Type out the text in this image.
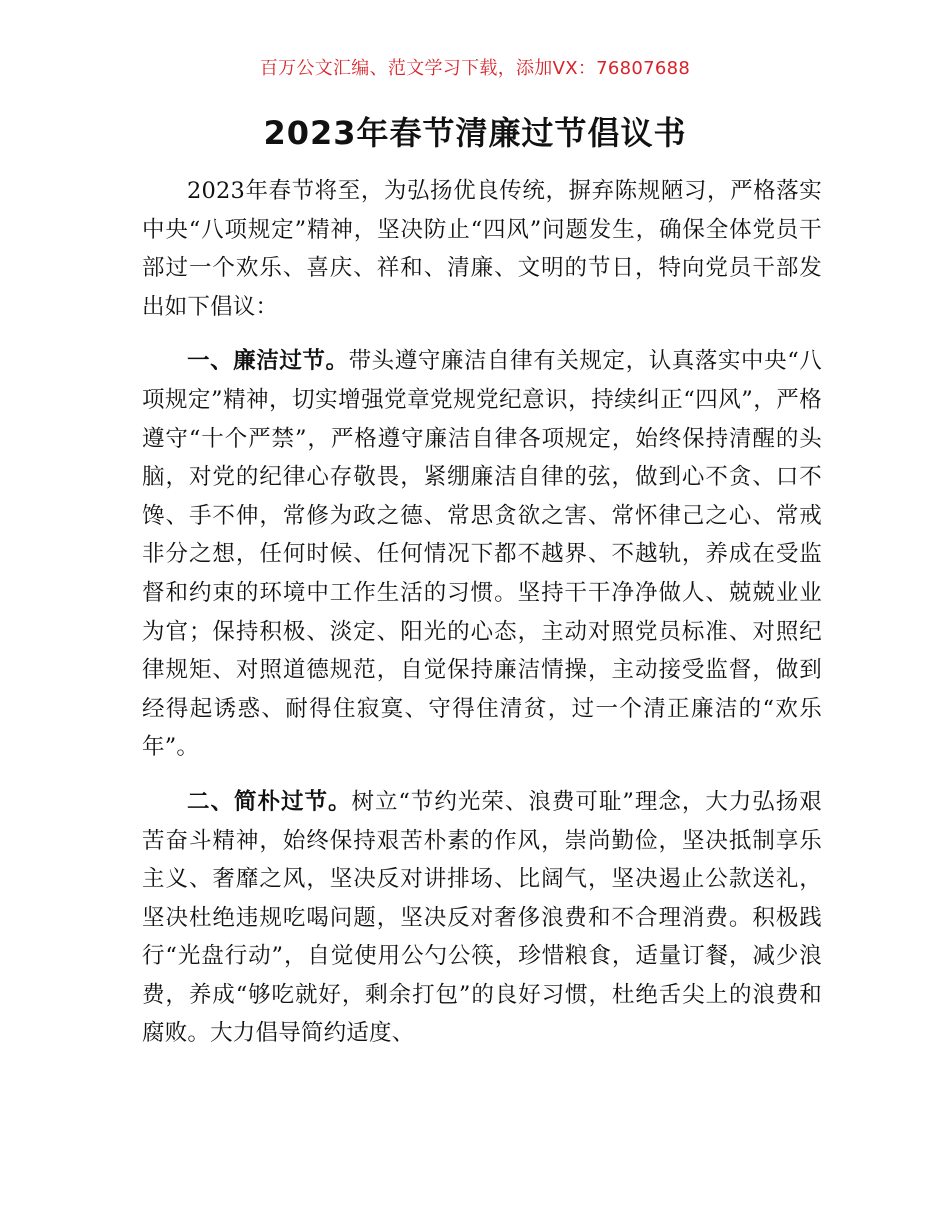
百万公文汇编、范文学习下载，添加VX：76807688
2023年春节清廉过节倡议书

2023年春节将至，为弘扬优良传统，摒弃陈规陋习，严格落实中央“八项规定”精神，坚决防止“四风”问题发生，确保全体党员干部过一个欢乐、喜庆、祥和、清廉、文明的节日，特向党员干部发出如下倡议：

一、廉洁过节。带头遵守廉洁自律有关规定，认真落实中央“八项规定”精神，切实增强党章党规党纪意识，持续纠正“四风”，严格遵守“十个严禁”，严格遵守廉洁自律各项规定，始终保持清醒的头脑，对党的纪律心存敬畏，紧绷廉洁自律的弦，做到心不贪、口不馋、手不伸，常修为政之德、常思贪欲之害、常怀律己之心、常戒非分之想，任何时候、任何情况下都不越界、不越轨，养成在受监督和约束的环境中工作生活的习惯。坚持干干净净做人、兢兢业业为官；保持积极、淡定、阳光的心态，主动对照党员标准、对照纪律规矩、对照道德规范，自觉保持廉洁情操，主动接受监督，做到经得起诱惑、耐得住寂寞、守得住清贫，过一个清正廉洁的“欢乐年”。

二、简朴过节。树立“节约光荣、浪费可耻”理念，大力弘扬艰苦奋斗精神，始终保持艰苦朴素的作风，崇尚勤俭，坚决抵制享乐主义、奢靡之风，坚决反对讲排场、比阔气，坚决遏止公款送礼，坚决杜绝违规吃喝问题，坚决反对奢侈浪费和不合理消费。积极践行“光盘行动”，自觉使用公勺公筷，珍惜粮食，适量订餐，减少浪费，养成“够吃就好，剩余打包”的良好习惯，杜绝舌尖上的浪费和腐败。大力倡导简约适度、
